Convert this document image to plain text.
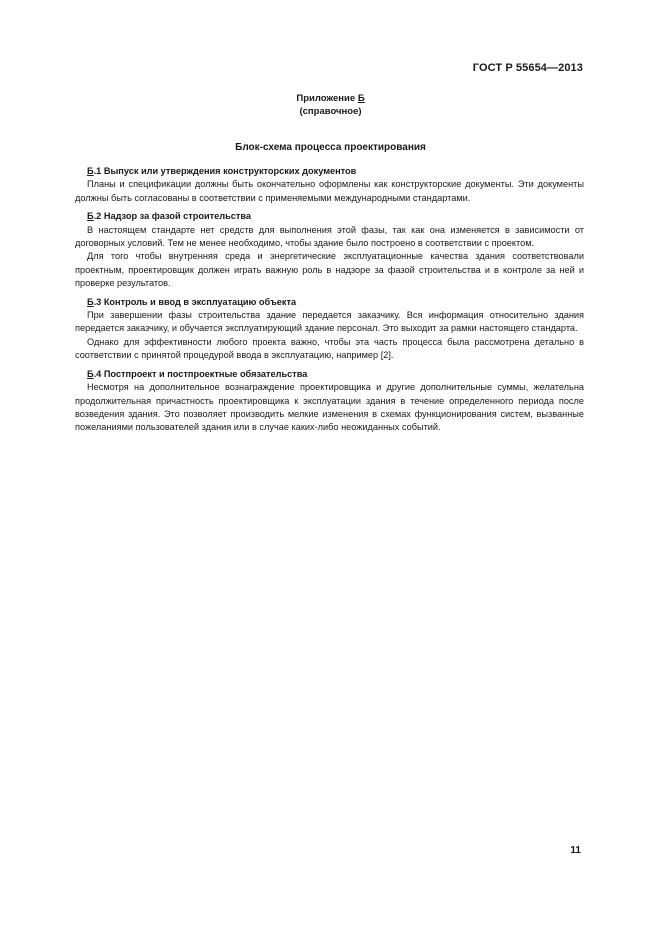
ГОСТ Р 55654—2013
Приложение Б
(справочное)
Блок-схема процесса проектирования

Б.1 Выпуск или утверждения конструкторских документов

Планы и спецификации должны быть окончательно оформлены как конструкторские документы. Эти документы должны быть согласованы в соответствии с применяемыми международными стандартами.

Б.2 Надзор за фазой строительства

В настоящем стандарте нет средств для выполнения этой фазы, так как она изменяется в зависимости от договорных условий. Тем не менее необходимо, чтобы здание было построено в соответствии с проектом.

Для того чтобы внутренняя среда и энергетические эксплуатационные качества здания соответствовали проектным, проектировщик должен играть важную роль в надзоре за фазой строительства и в контроле за ней и проверке результатов.

Б.3 Контроль и ввод в эксплуатацию объекта

При завершении фазы строительства здание передается заказчику. Вся информация относительно здания передается заказчику, и обучается эксплуатирующий здание персонал. Это выходит за рамки настоящего стандарта.

Однако для эффективности любого проекта важно, чтобы эта часть процесса была рассмотрена детально в соответствии с принятой процедурой ввода в эксплуатацию, например [2].

Б.4 Постпроект и постпроектные обязательства

Несмотря на дополнительное вознаграждение проектировщика и другие дополнительные суммы, желательна продолжительная причастность проектировщика к эксплуатации здания в течение определенного периода после возведения здания. Это позволяет производить мелкие изменения в схемах функционирования систем, вызванные пожеланиями пользователей здания или в случае каких-либо неожиданных событий.

11
